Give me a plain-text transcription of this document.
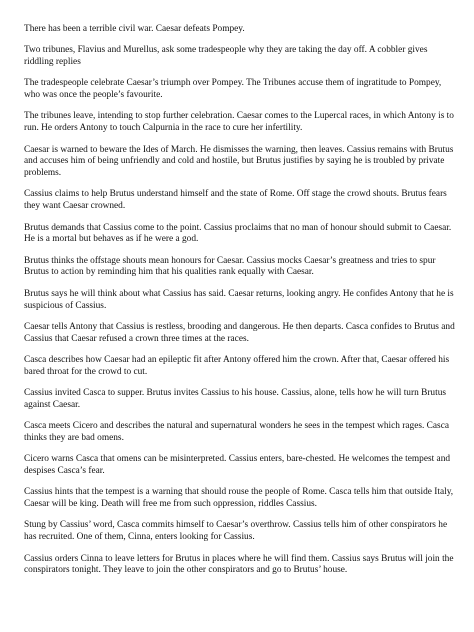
There has been a terrible civil war. Caesar defeats Pompey.

Two tribunes, Flavius and Murellus, ask some tradespeople why they are taking the day off. A cobbler gives riddling replies

The tradespeople celebrate Caesar’s triumph over Pompey. The Tribunes accuse them of ingratitude to Pompey, who was once the people’s favourite.

The tribunes leave, intending to stop further celebration. Caesar comes to the Lupercal races, in which Antony is to run. He orders Antony to touch Calpurnia in the race to cure her infertility.

Caesar is warned to beware the Ides of March. He dismisses the warning, then leaves. Cassius remains with Brutus and accuses him of being unfriendly and cold and hostile, but Brutus justifies by saying he is troubled by private problems.

Cassius claims to help Brutus understand himself and the state of Rome. Off stage the crowd shouts. Brutus fears they want Caesar crowned.

Brutus demands that Cassius come to the point. Cassius proclaims that no man of honour should submit to Caesar. He is a mortal but behaves as if he were a god.

Brutus thinks the offstage shouts mean honours for Caesar. Cassius mocks Caesar’s greatness and tries to spur Brutus to action by reminding him that his qualities rank equally with Caesar.

Brutus says he will think about what Cassius has said. Caesar returns, looking angry. He confides Antony that he is suspicious of Cassius.

Caesar tells Antony that Cassius is restless, brooding and dangerous. He then departs. Casca confides to Brutus and Cassius that Caesar refused a crown three times at the races.

Casca describes how Caesar had an epileptic fit after Antony offered him the crown. After that, Caesar offered his bared throat for the crowd to cut.

Cassius invited Casca to supper. Brutus invites Cassius to his house. Cassius, alone, tells how he will turn Brutus against Caesar.

Casca meets Cicero and describes the natural and supernatural wonders he sees in the tempest which rages. Casca thinks they are bad omens.

Cicero warns Casca that omens can be misinterpreted. Cassius enters, bare-chested. He welcomes the tempest and despises Casca’s fear.

Cassius hints that the tempest is a warning that should rouse the people of Rome. Casca tells him that outside Italy, Caesar will be king. Death will free me from such oppression, riddles Cassius.

Stung by Cassius’ word, Casca commits himself to Caesar’s overthrow. Cassius tells him of other conspirators he has recruited. One of them, Cinna, enters looking for Cassius.

Cassius orders Cinna to leave letters for Brutus in places where he will find them. Cassius says Brutus will join the conspirators tonight. They leave to join the other conspirators and go to Brutus’ house.
